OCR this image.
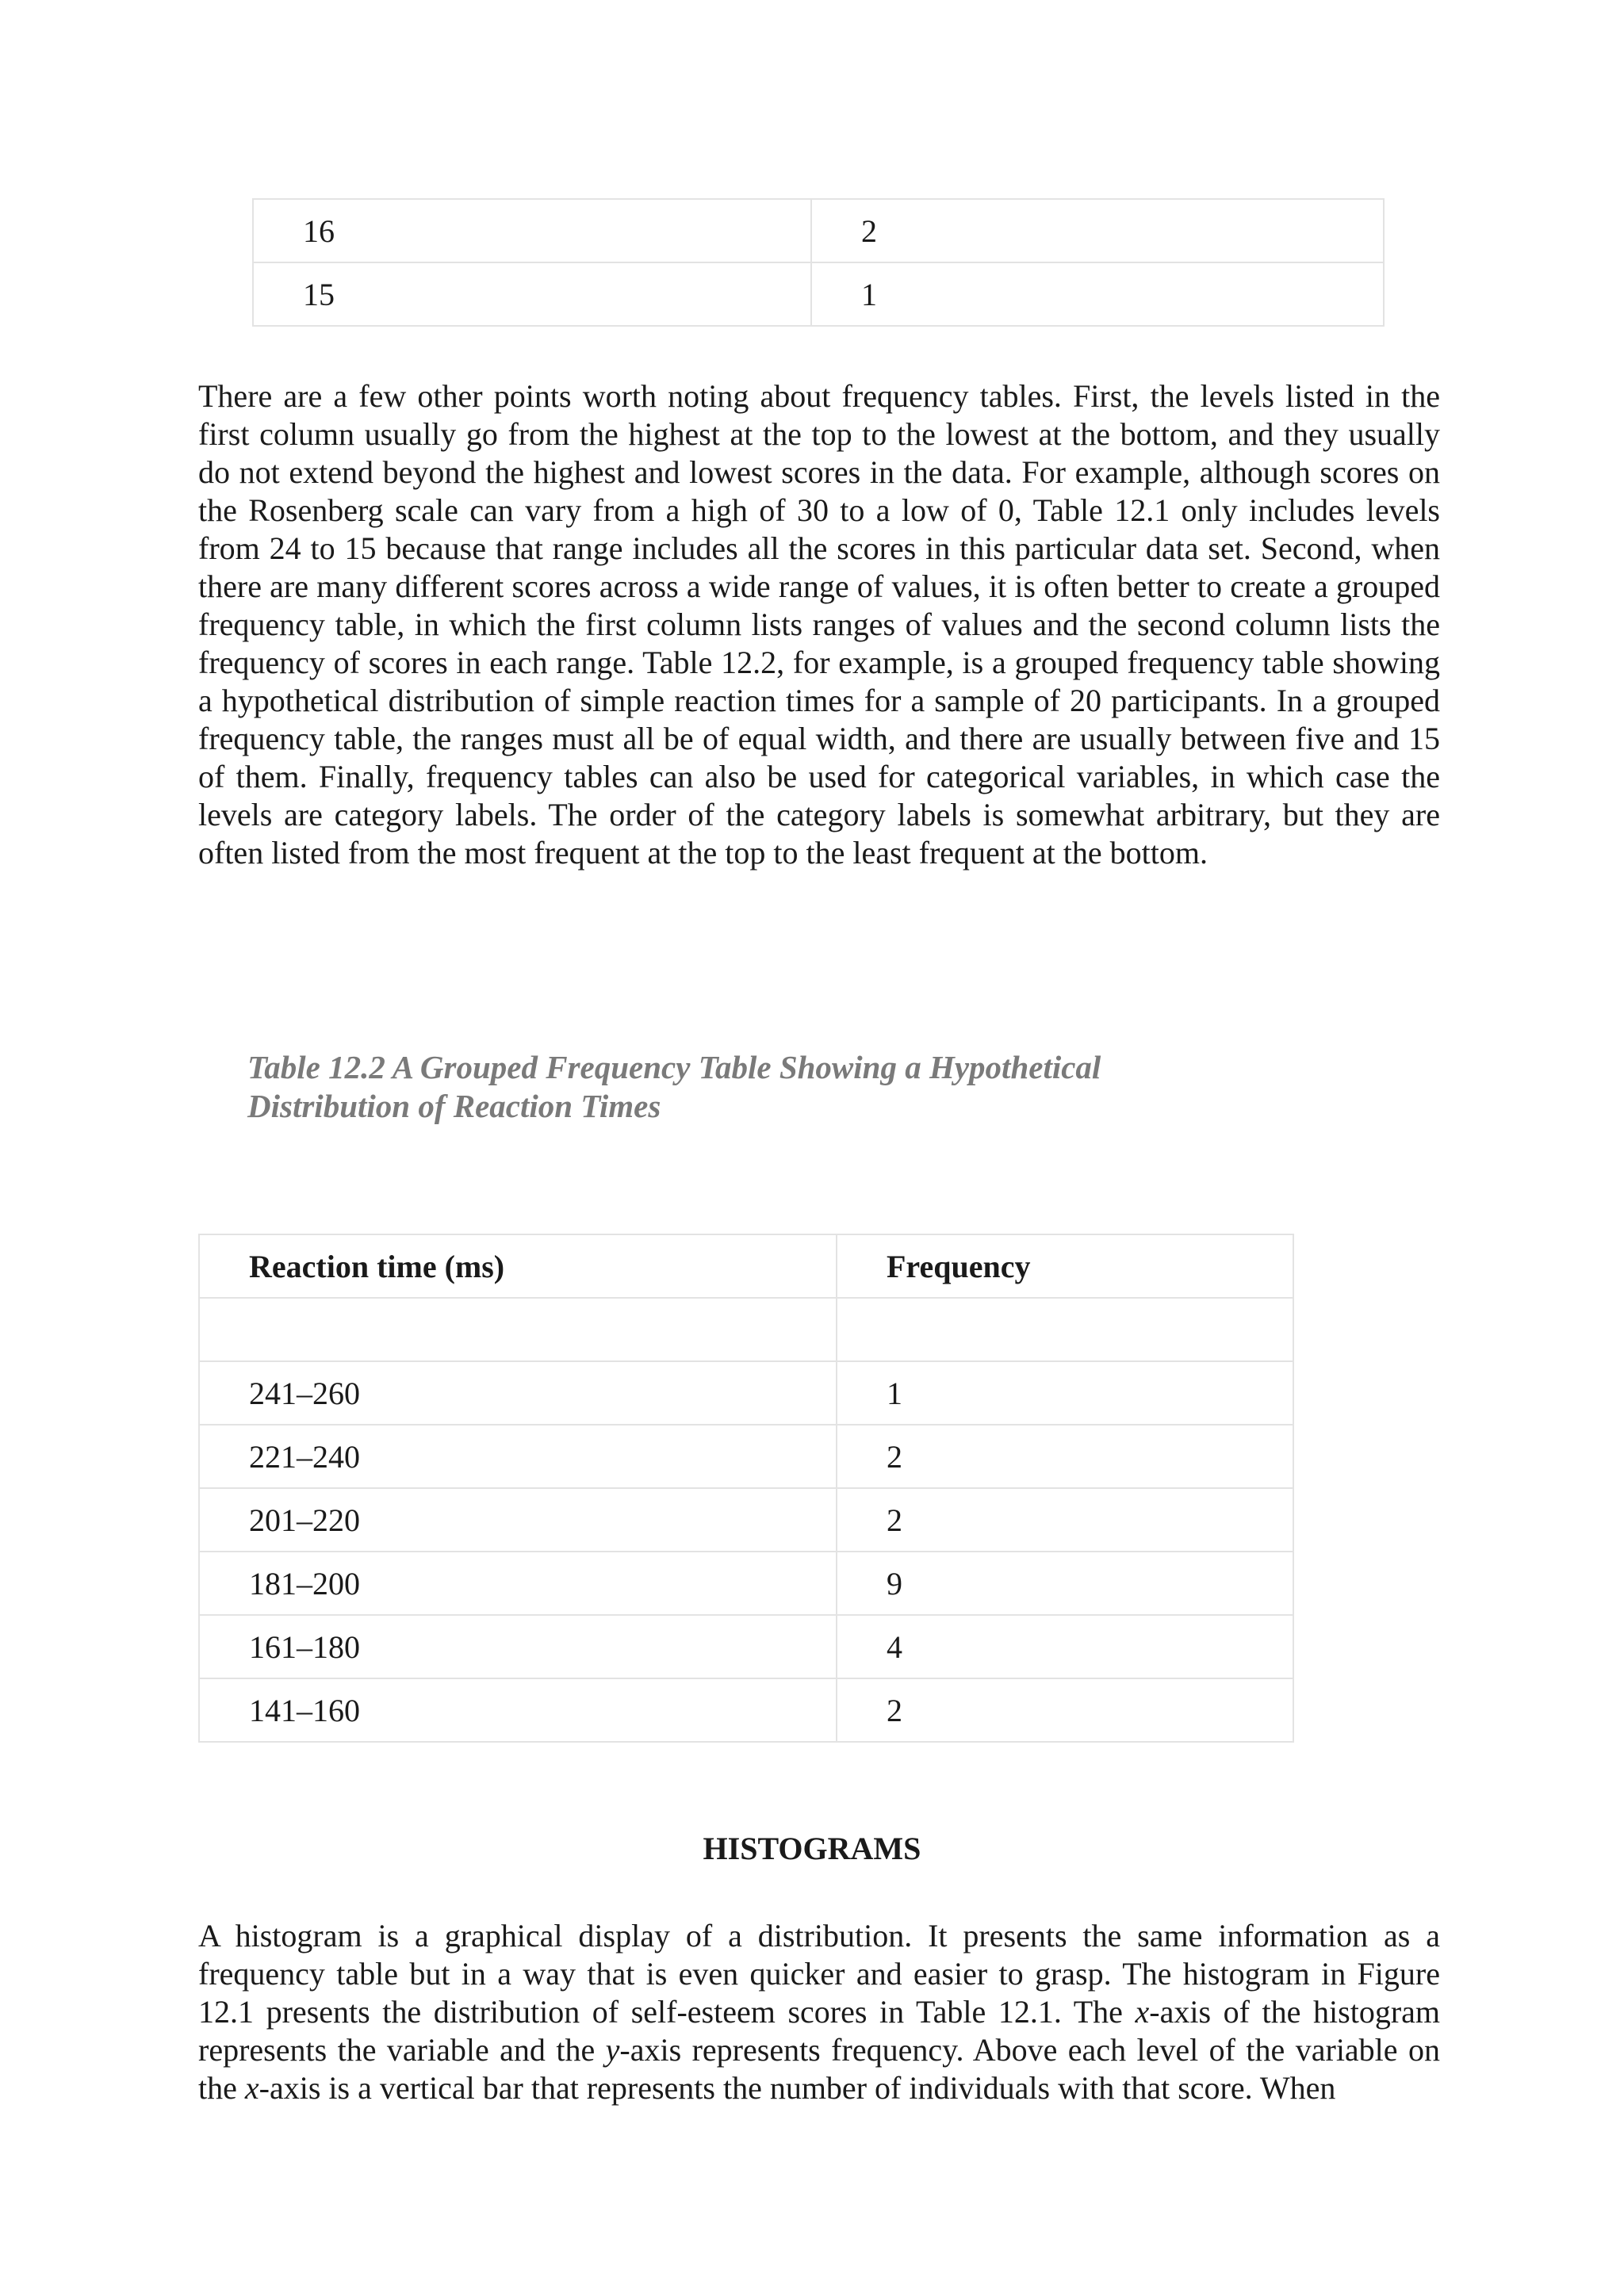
16	2
15	1

There are a few other points worth noting about frequency tables. First, the levels listed in the first column usually go from the highest at the top to the lowest at the bottom, and they usually do not extend beyond the highest and lowest scores in the data. For example, although scores on the Rosenberg scale can vary from a high of 30 to a low of 0, Table 12.1 only includes levels from 24 to 15 because that range includes all the scores in this particular data set. Second, when there are many different scores across a wide range of values, it is often better to create a grouped frequency table, in which the first column lists ranges of values and the second column lists the frequency of scores in each range. Table 12.2, for example, is a grouped frequency table showing a hypothetical distribution of simple reaction times for a sample of 20 participants. In a grouped frequency table, the ranges must all be of equal width, and there are usually between five and 15 of them. Finally, frequency tables can also be used for categorical variables, in which case the levels are category labels. The order of the category labels is somewhat arbitrary, but they are often listed from the most frequent at the top to the least frequent at the bottom.

Table 12.2 A Grouped Frequency Table Showing a Hypothetical Distribution of Reaction Times

Reaction time (ms)	Frequency

241–260	1
221–240	2
201–220	2
181–200	9
161–180	4
141–160	2
HISTOGRAMS

A histogram is a graphical display of a distribution. It presents the same information as a frequency table but in a way that is even quicker and easier to grasp. The histogram in Figure 12.1 presents the distribution of self-esteem scores in Table 12.1. The x-axis of the histogram represents the variable and the y-axis represents frequency. Above each level of the variable on the x-axis is a vertical bar that represents the number of individuals with that score. When
